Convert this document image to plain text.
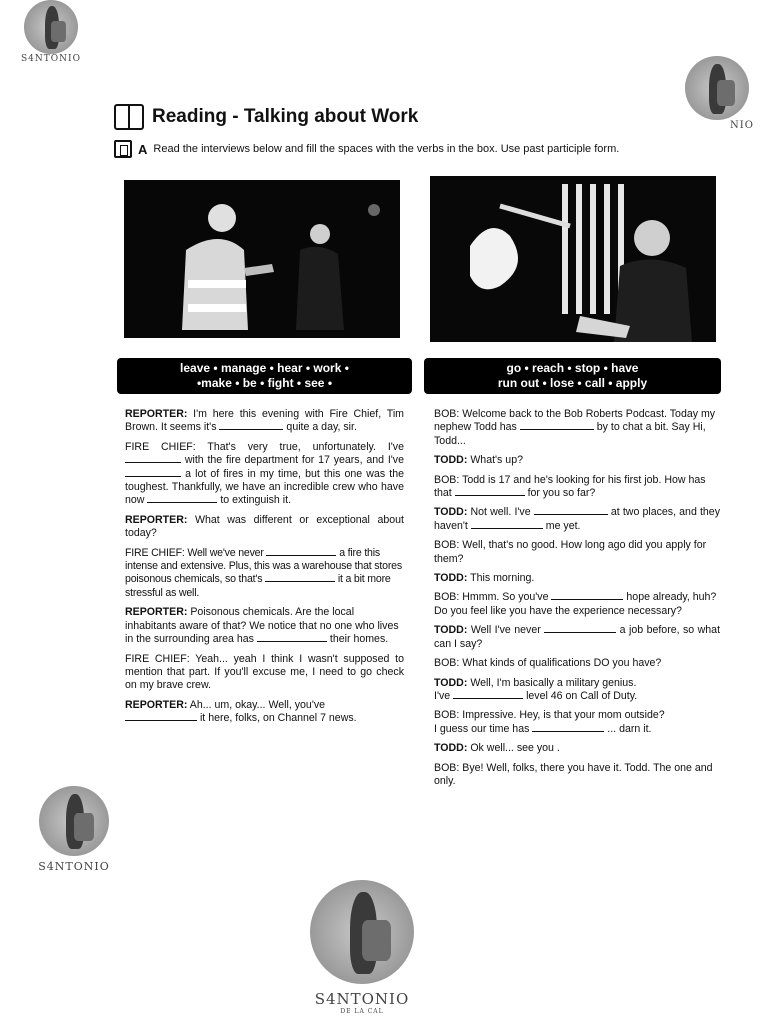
S4NTONIO
NIO
S4NTONIO
S4NTONIO
DE LA CAL
Reading - Talking about Work
A Read the interviews below and fill the spaces with the verbs in the box. Use past participle form.
leave • manage • hear • work •
•make • be • fight • see •
go • reach • stop • have
run out • lose • call • apply

REPORTER: I'm here this evening with Fire Chief, Tim Brown. It seems it's	quite a day, sir.

FIRE CHIEF: That's very true, unfortunately. I've  with the fire department for 17 years, and I've  a lot of fires in my time, but this one was the toughest. Thankfully, we have an incredible crew who have now	to extinguish it.

REPORTER: What was different or exceptional about today?

FIRE CHIEF: Well we've never	a fire this intense and extensive. Plus, this was a warehouse that stores poisonous chemicals, so that's	it a bit more stressful as well.

REPORTER: Poisonous chemicals. Are the local inhabitants aware of that? We notice that no one who lives in the surrounding area has	their homes.

FIRE CHIEF: Yeah... yeah I think I wasn't supposed to mention that part. If you'll excuse me, I need to go check on my brave crew.

REPORTER: Ah... um, okay... Well, you've
it here, folks, on Channel 7 news.

BOB: Welcome back to the Bob Roberts Podcast. Today my nephew Todd has	by to chat a bit. Say Hi, Todd...

TODD: What's up?

BOB: Todd is 17 and he's looking for his first job. How has that	for you so far?

TODD: Not well. I've	at two places, and they haven't	me yet.

BOB: Well, that's no good. How long ago did you apply for them?

TODD: This morning.

BOB: Hmmm. So you've	hope already, huh? Do you feel like you have the experience necessary?

TODD: Well I've never	a job before, so what can I say?

BOB: What kinds of qualifications DO you have?

TODD: Well, I'm basically a military genius.
I've	level 46 on Call of Duty.

BOB: Impressive. Hey, is that your mom outside?
I guess our time has	... darn it.

TODD: Ok well... see you .

BOB: Bye! Well, folks, there you have it. Todd. The one and only.
